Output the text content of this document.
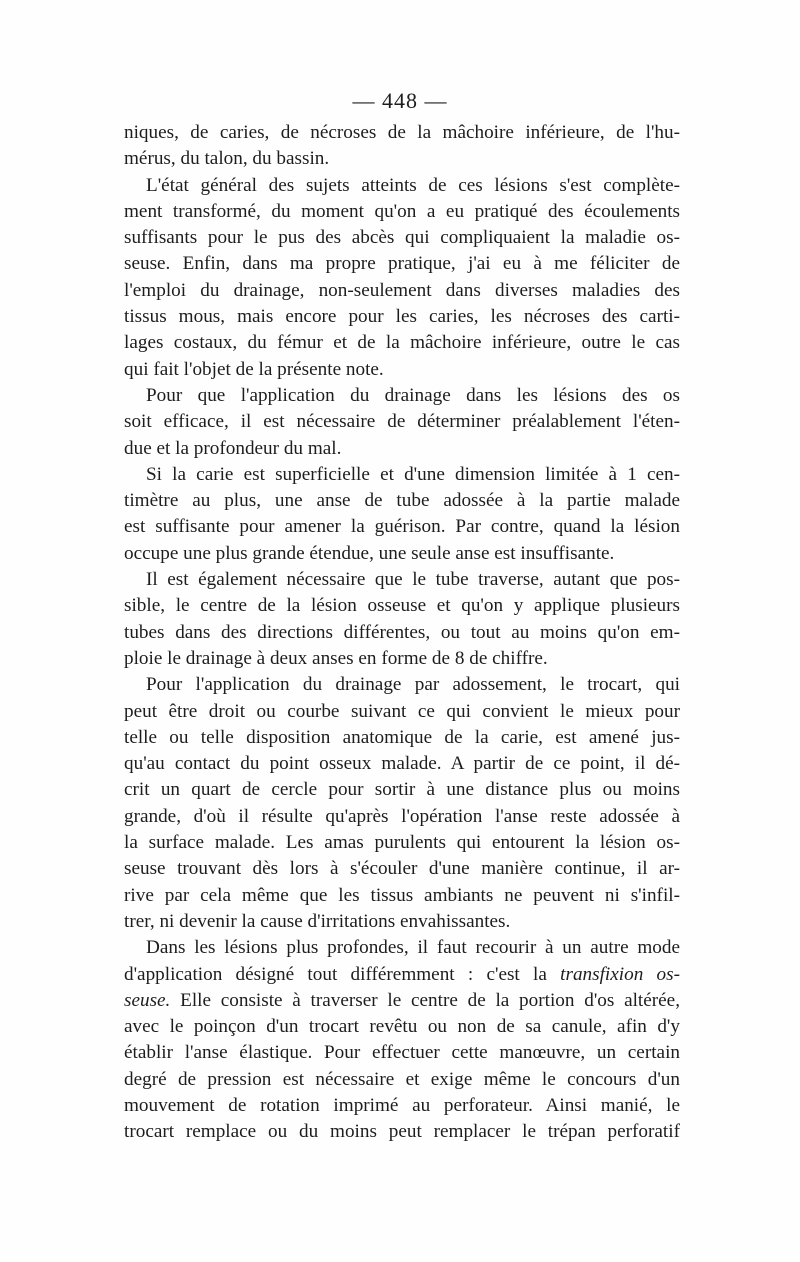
— 448 —
niques, de caries, de nécroses de la mâchoire inférieure, de l'hu-
mérus, du talon, du bassin.
L'état général des sujets atteints de ces lésions s'est complète-
ment transformé, du moment qu'on a eu pratiqué des écoulements
suffisants pour le pus des abcès qui compliquaient la maladie os-
seuse. Enfin, dans ma propre pratique, j'ai eu à me féliciter de
l'emploi du drainage, non-seulement dans diverses maladies des
tissus mous, mais encore pour les caries, les nécroses des carti-
lages costaux, du fémur et de la mâchoire inférieure, outre le cas
qui fait l'objet de la présente note.
Pour que l'application du drainage dans les lésions des os
soit efficace, il est nécessaire de déterminer préalablement l'éten-
due et la profondeur du mal.
Si la carie est superficielle et d'une dimension limitée à 1 cen-
timètre au plus, une anse de tube adossée à la partie malade
est suffisante pour amener la guérison. Par contre, quand la lésion
occupe une plus grande étendue, une seule anse est insuffisante.
Il est également nécessaire que le tube traverse, autant que pos-
sible, le centre de la lésion osseuse et qu'on y applique plusieurs
tubes dans des directions différentes, ou tout au moins qu'on em-
ploie le drainage à deux anses en forme de 8 de chiffre.
Pour l'application du drainage par adossement, le trocart, qui
peut être droit ou courbe suivant ce qui convient le mieux pour
telle ou telle disposition anatomique de la carie, est amené jus-
qu'au contact du point osseux malade. A partir de ce point, il dé-
crit un quart de cercle pour sortir à une distance plus ou moins
grande, d'où il résulte qu'après l'opération l'anse reste adossée à
la surface malade. Les amas purulents qui entourent la lésion os-
seuse trouvant dès lors à s'écouler d'une manière continue, il ar-
rive par cela même que les tissus ambiants ne peuvent ni s'infil-
trer, ni devenir la cause d'irritations envahissantes.
Dans les lésions plus profondes, il faut recourir à un autre mode
d'application désigné tout différemment : c'est la transfixion os-
seuse. Elle consiste à traverser le centre de la portion d'os altérée,
avec le poinçon d'un trocart revêtu ou non de sa canule, afin d'y
établir l'anse élastique. Pour effectuer cette manœuvre, un certain
degré de pression est nécessaire et exige même le concours d'un
mouvement de rotation imprimé au perforateur. Ainsi manié, le
trocart remplace ou du moins peut remplacer le trépan perforatif
